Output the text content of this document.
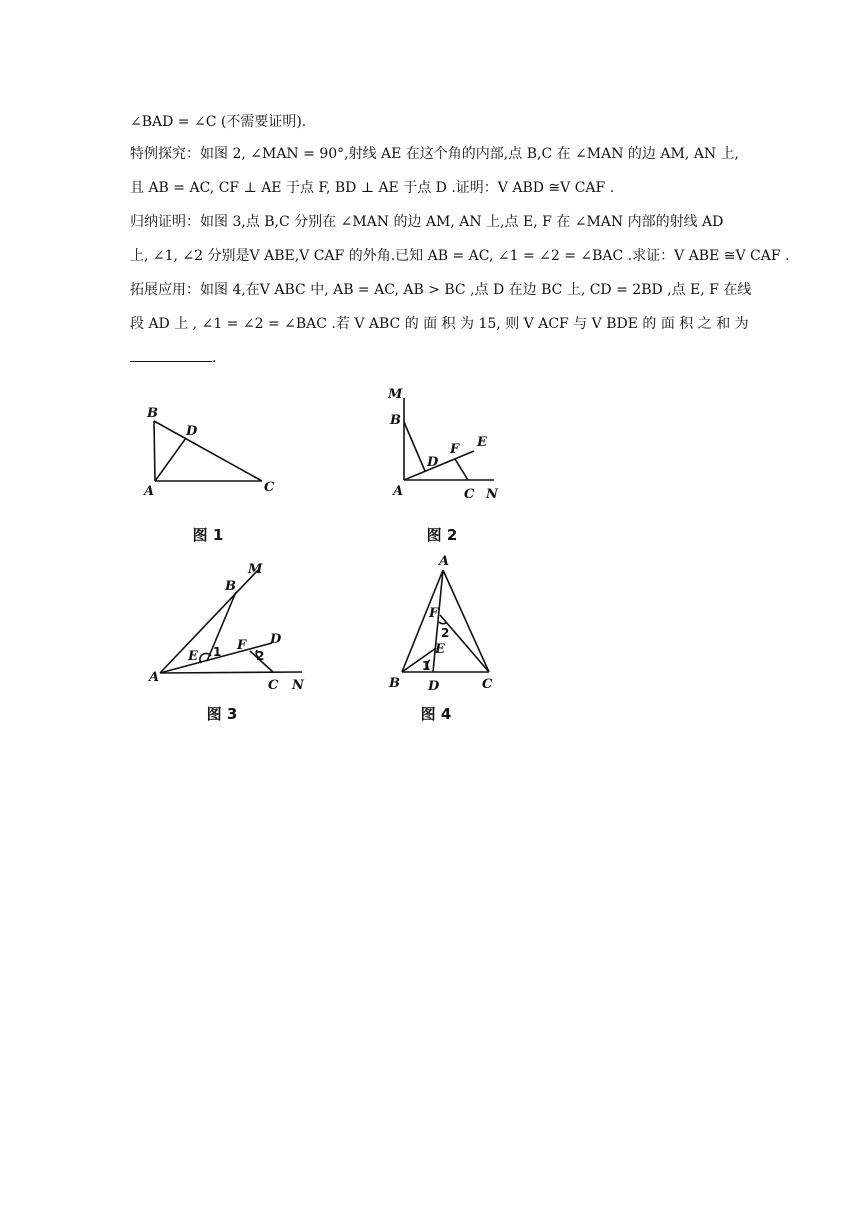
∠BAD = ∠C (不需要证明).
特例探究：如图 2, ∠MAN = 90°,射线 AE 在这个角的内部,点 B,C 在 ∠MAN 的边 AM, AN 上,
且 AB = AC, CF ⊥ AE 于点 F, BD ⊥ AE 于点 D .证明：V ABD ≅V CAF .
归纳证明：如图 3,点 B,C 分别在 ∠MAN 的边 AM, AN 上,点 E, F 在 ∠MAN 内部的射线 AD
上, ∠1, ∠2 分别是V ABE,V CAF 的外角.已知 AB = AC, ∠1 = ∠2 = ∠BAC .求证：V ABE ≅V CAF .
拓展应用：如图 4,在V ABC 中, AB = AC, AB > BC ,点 D 在边 BC 上, CD = 2BD ,点 E, F 在线
段 AD 上 , ∠1 = ∠2 = ∠BAC .若 V ABC 的 面 积 为 15, 则 V ACF 与 V BDE 的 面 积 之 和 为
.
B
D
A	C
图 1
M
B
D
F E
A	C N
图 2
M
B
D
E 1 F
2
A
C N
图 3
A
F
2
E
1
B D	C
图 4
